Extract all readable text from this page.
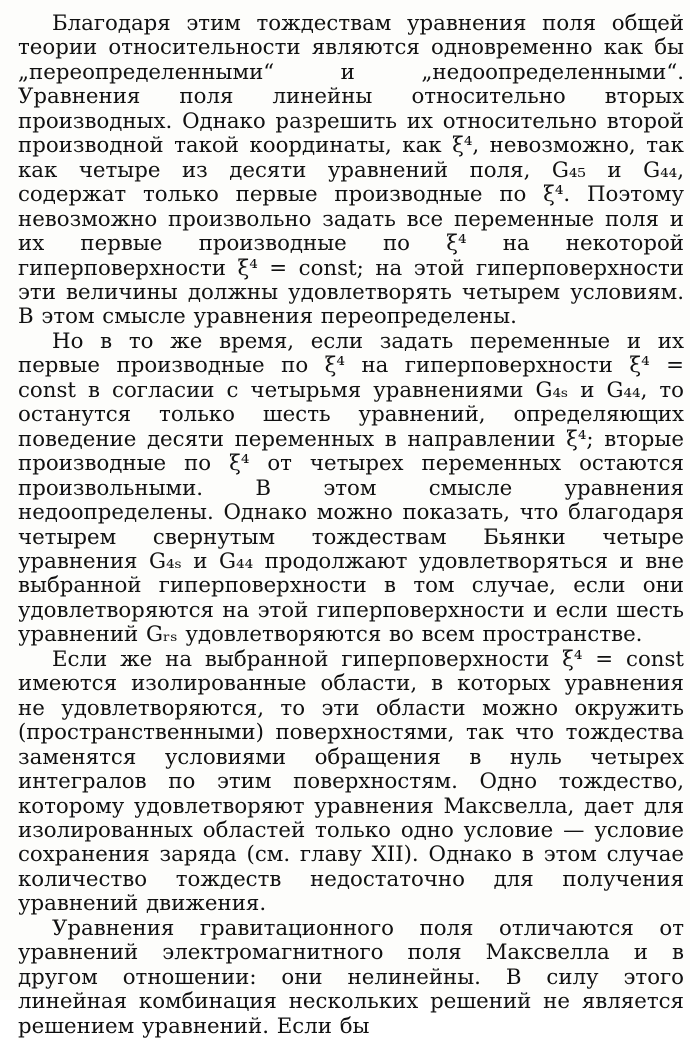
Благодаря этим тождествам уравнения поля общей теории относительности являются одновременно как бы „переопределенными“ и „недоопределенными“. Уравнения поля линейны относительно вторых производных. Однако разрешить их относительно второй производной такой координаты, как ξ⁴, невозможно, так как четыре из десяти уравнений поля, G₄₅ и G₄₄, содержат только первые производные по ξ⁴. Поэтому невозможно произвольно задать все переменные поля и их первые производные по ξ⁴ на некоторой гиперповерхности ξ⁴ = const; на этой гиперповерхности эти величины должны удовлетворять четырем условиям. В этом смысле уравнения переопределены.

Но в то же время, если задать переменные и их первые производные по ξ⁴ на гиперповерхности ξ⁴ = const в согласии с четырьмя уравнениями G₄ₛ и G₄₄, то останутся только шесть уравнений, определяющих поведение десяти переменных в направлении ξ⁴; вторые производные по ξ⁴ от четырех переменных остаются произвольными. В этом смысле уравнения недоопределены. Однако можно показать, что благодаря четырем свернутым тождествам Бьянки четыре уравнения G₄ₛ и G₄₄ продолжают удовлетворяться и вне выбранной гиперповерхности в том случае, если они удовлетворяются на этой гиперповерхности и если шесть уравнений Gᵣₛ удовлетворяются во всем пространстве.

Если же на выбранной гиперповерхности ξ⁴ = const имеются изолированные области, в которых уравнения не удовлетворяются, то эти области можно окружить (пространственными) поверхностями, так что тождества заменятся условиями обращения в нуль четырех интегралов по этим поверхностям. Одно тождество, которому удовлетворяют уравнения Максвелла, дает для изолированных областей только одно условие — условие сохранения заряда (см. главу XII). Однако в этом случае количество тождеств недостаточно для получения уравнений движения.

Уравнения гравитационного поля отличаются от уравнений электромагнитного поля Максвелла и в другом отношении: они нелинейны. В силу этого линейная комбинация нескольких решений не является решением уравнений. Если бы
